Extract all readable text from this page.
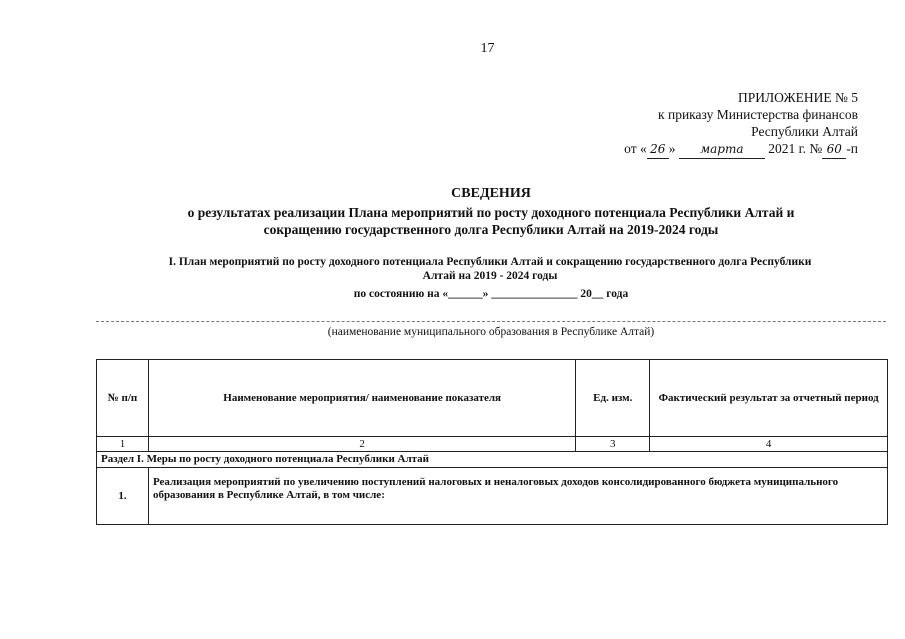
17
ПРИЛОЖЕНИЕ № 5
к приказу Министерства финансов
Республики Алтай
от « 26 » марта 2021 г. № 60 -п
СВЕДЕНИЯ
о результатах реализации Плана мероприятий по росту доходного потенциала Республики Алтай и
сокращению государственного долга Республики Алтай на 2019-2024 годы
I. План мероприятий по росту доходного потенциала Республики Алтай и сокращению государственного долга Республики
Алтай на 2019 - 2024 годы
по состоянию на «______» _______________ 20__ года
(наименование муниципального образования в Республике Алтай)
№ п/п	Наименование мероприятия/ наименование показателя	Ед. изм.	Фактический результат за отчетный период
1	2	3	4
Раздел I. Меры по росту доходного потенциала Республики Алтай			
1.	Реализация мероприятий по увеличению поступлений налоговых и неналоговых доходов консолидированного бюджета муниципального образования в Республике Алтай, в том числе:		
